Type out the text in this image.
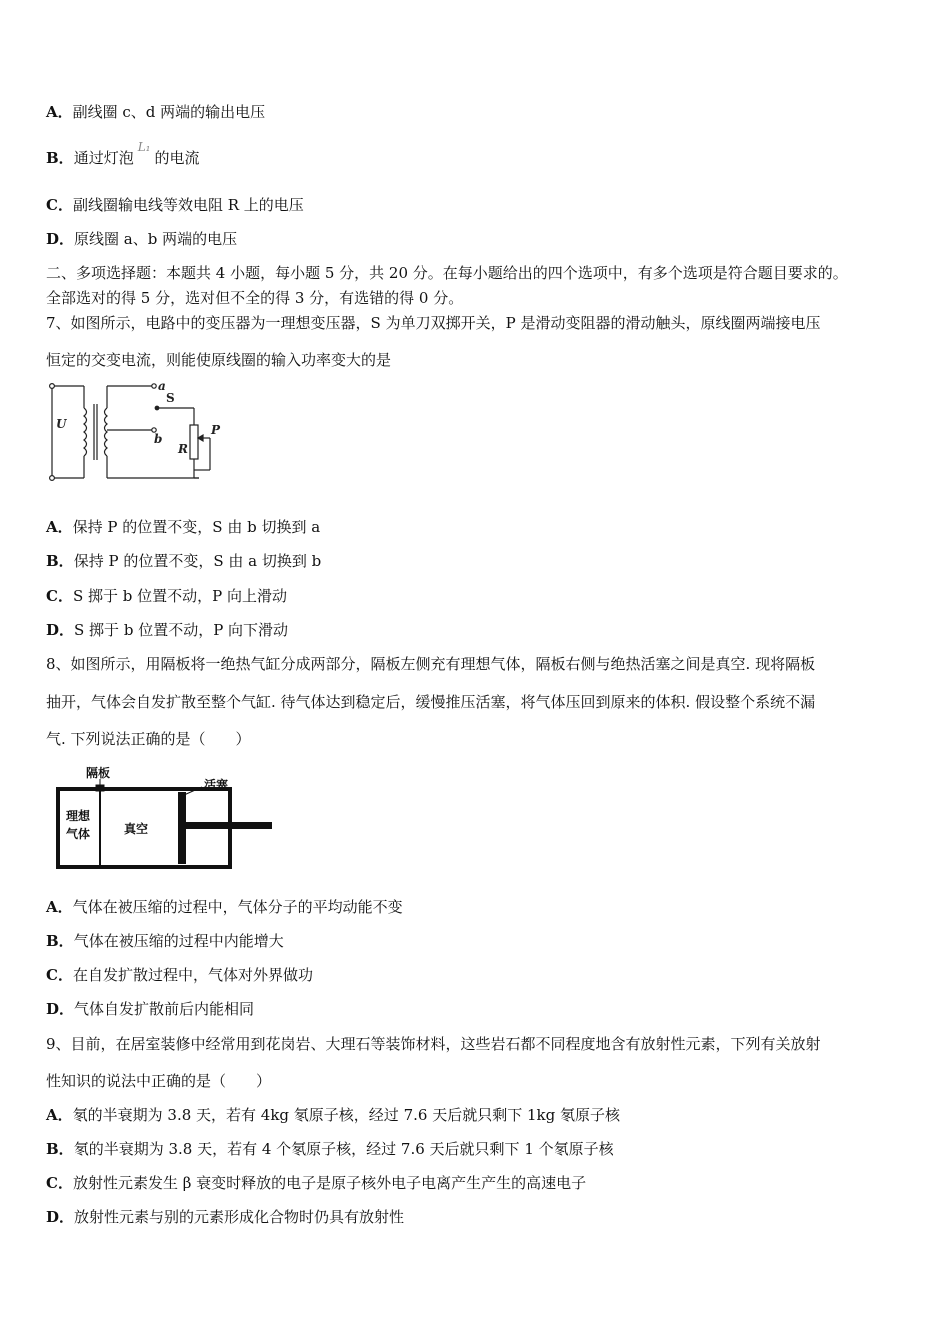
A．副线圈 c、d 两端的输出电压
B．通过灯泡$^{L_1}$的电流
C．副线圈输电线等效电阻 R 上的电压
D．原线圈 a、b 两端的电压
二、多项选择题：本题共 4 小题，每小题 5 分，共 20 分。在每小题给出的四个选项中，有多个选项是符合题目要求的。
全部选对的得 5 分，选对但不全的得 3 分，有选错的得 0 分。
7、如图所示，电路中的变压器为一理想变压器，S 为单刀双掷开关，P 是滑动变阻器的滑动触头，原线圈两端接电压
恒定的交变电流，则能使原线圈的输入功率变大的是
U
a
b
S
R
P
A．保持 P 的位置不变，S 由 b 切换到 a
B．保持 P 的位置不变，S 由 a 切换到 b
C．S 掷于 b 位置不动，P 向上滑动
D．S 掷于 b 位置不动，P 向下滑动
8、如图所示，用隔板将一绝热气缸分成两部分，隔板左侧充有理想气体，隔板右侧与绝热活塞之间是真空. 现将隔板
抽开，气体会自发扩散至整个气缸. 待气体达到稳定后，缓慢推压活塞，将气体压回到原来的体积. 假设整个系统不漏
气. 下列说法正确的是（　　）
隔板
活塞
理想
气体	真空
A．气体在被压缩的过程中，气体分子的平均动能不变
B．气体在被压缩的过程中内能增大
C．在自发扩散过程中，气体对外界做功
D．气体自发扩散前后内能相同
9、目前，在居室装修中经常用到花岗岩、大理石等装饰材料，这些岩石都不同程度地含有放射性元素，下列有关放射
性知识的说法中正确的是（　　）
A．氡的半衰期为 3.8 天，若有 4kg 氡原子核，经过 7.6 天后就只剩下 1kg 氡原子核
B．氡的半衰期为 3.8 天，若有 4 个氡原子核，经过 7.6 天后就只剩下 1 个氡原子核
C．放射性元素发生 β 衰变时释放的电子是原子核外电子电离产生产生的高速电子
D．放射性元素与别的元素形成化合物时仍具有放射性
